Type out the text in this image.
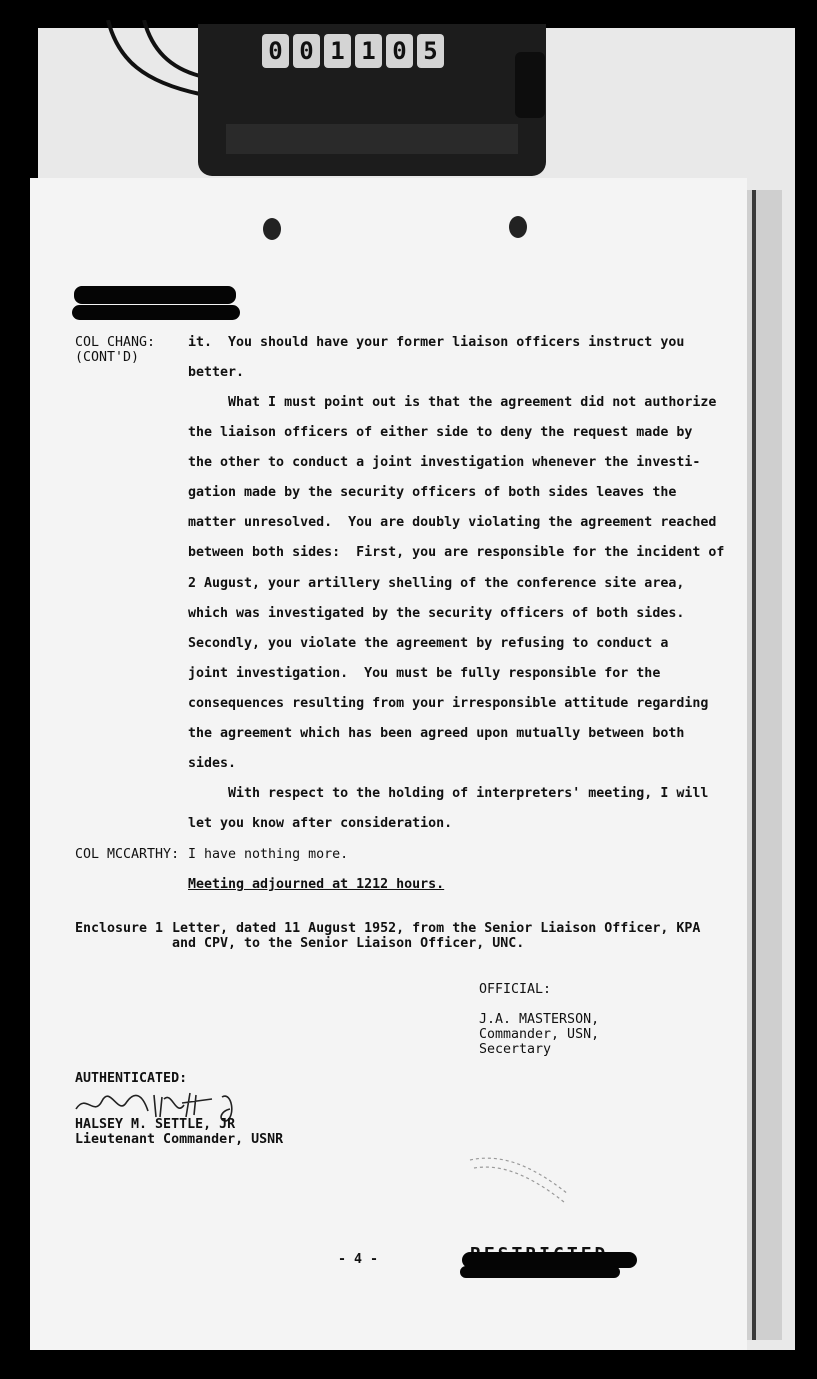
0 0 1 1 0 5
COL CHANG:
(CONT'D)
it.  You should have your former liaison officers instruct you
better.
What I must point out is that the agreement did not authorize
the liaison officers of either side to deny the request made by
the other to conduct a joint investigation whenever the investi-
gation made by the security officers of both sides leaves the
matter unresolved.  You are doubly violating the agreement reached
between both sides:  First, you are responsible for the incident of
2 August, your artillery shelling of the conference site area,
which was investigated by the security officers of both sides.
Secondly, you violate the agreement by refusing to conduct a
joint investigation.  You must be fully responsible for the
consequences resulting from your irresponsible attitude regarding
the agreement which has been agreed upon mutually between both
sides.
With respect to the holding of interpreters' meeting, I will
let you know after consideration.
COL MCCARTHY: I have nothing more.
Meeting adjourned at 1212 hours.
Enclosure 1 Letter, dated 11 August 1952, from the Senior Liaison Officer, KPA
and CPV, to the Senior Liaison Officer, UNC.
OFFICIAL:
J.A. MASTERSON,
Commander, USN,
Secertary
AUTHENTICATED:
HALSEY M. SETTLE, JR
Lieutenant Commander, USNR
- 4 -
